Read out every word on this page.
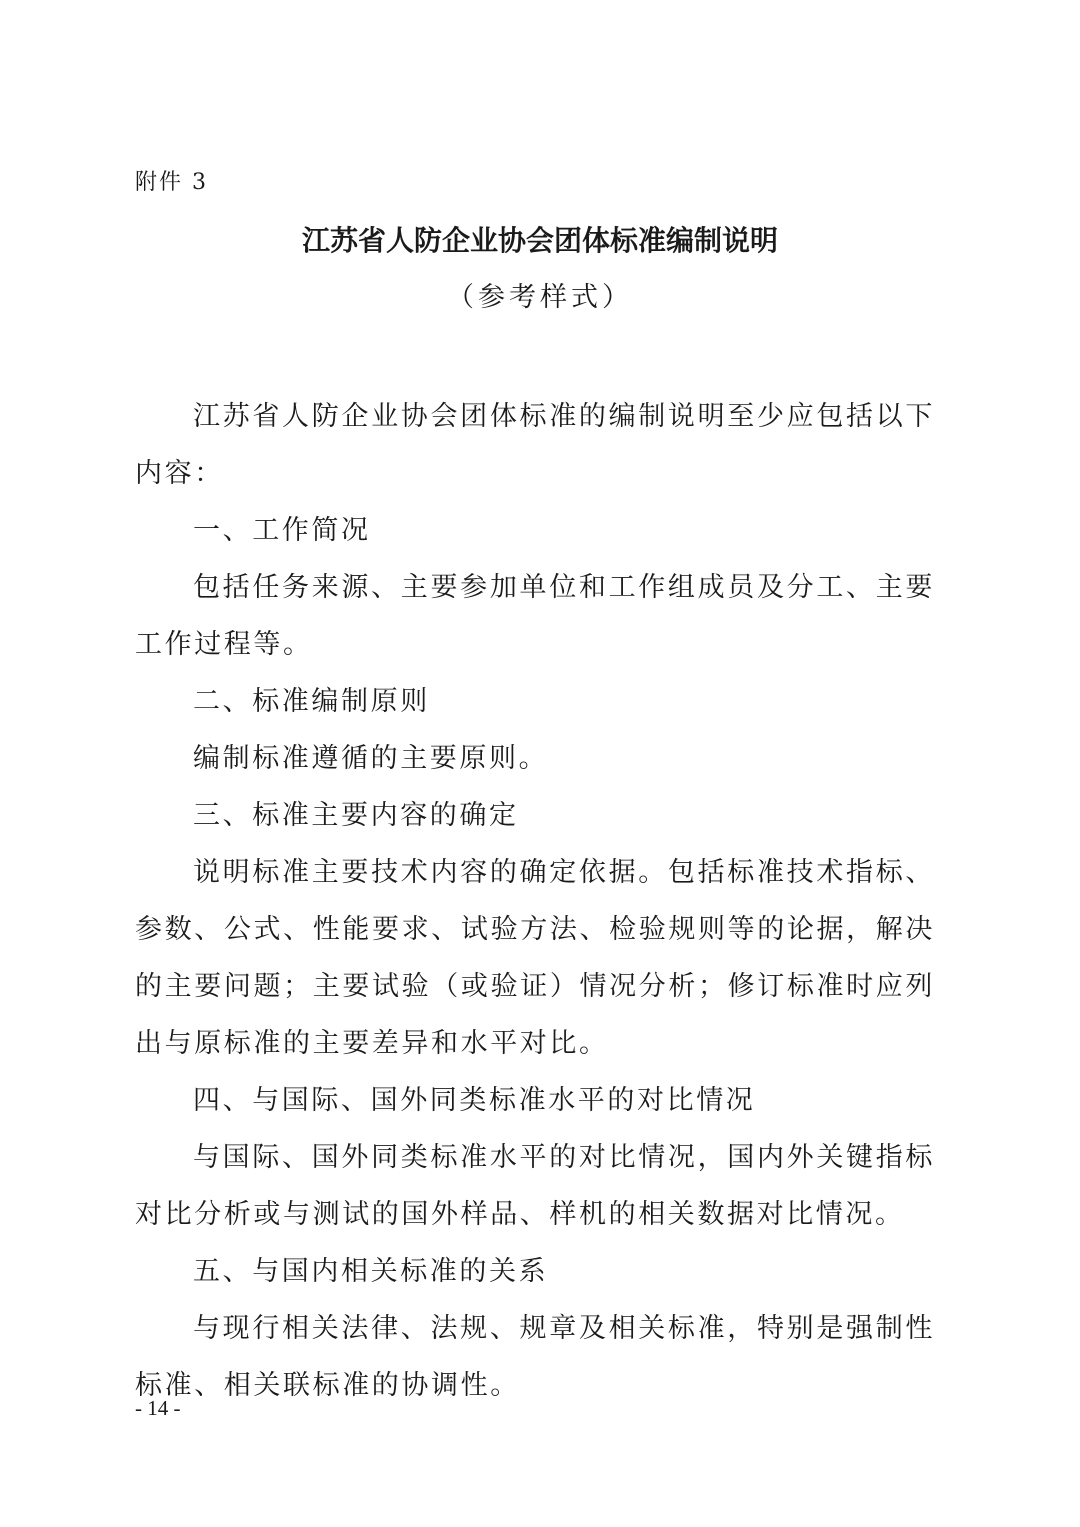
附件 3
江苏省人防企业协会团体标准编制说明
（参考样式）

江苏省人防企业协会团体标准的编制说明至少应包括以下内容：

一、工作简况

包括任务来源、主要参加单位和工作组成员及分工、主要工作过程等。

二、标准编制原则

编制标准遵循的主要原则。

三、标准主要内容的确定

说明标准主要技术内容的确定依据。包括标准技术指标、参数、公式、性能要求、试验方法、检验规则等的论据，解决的主要问题；主要试验（或验证）情况分析；修订标准时应列出与原标准的主要差异和水平对比。

四、与国际、国外同类标准水平的对比情况

与国际、国外同类标准水平的对比情况，国内外关键指标对比分析或与测试的国外样品、样机的相关数据对比情况。

五、与国内相关标准的关系

与现行相关法律、法规、规章及相关标准，特别是强制性标准、相关联标准的协调性。

- 14 -
